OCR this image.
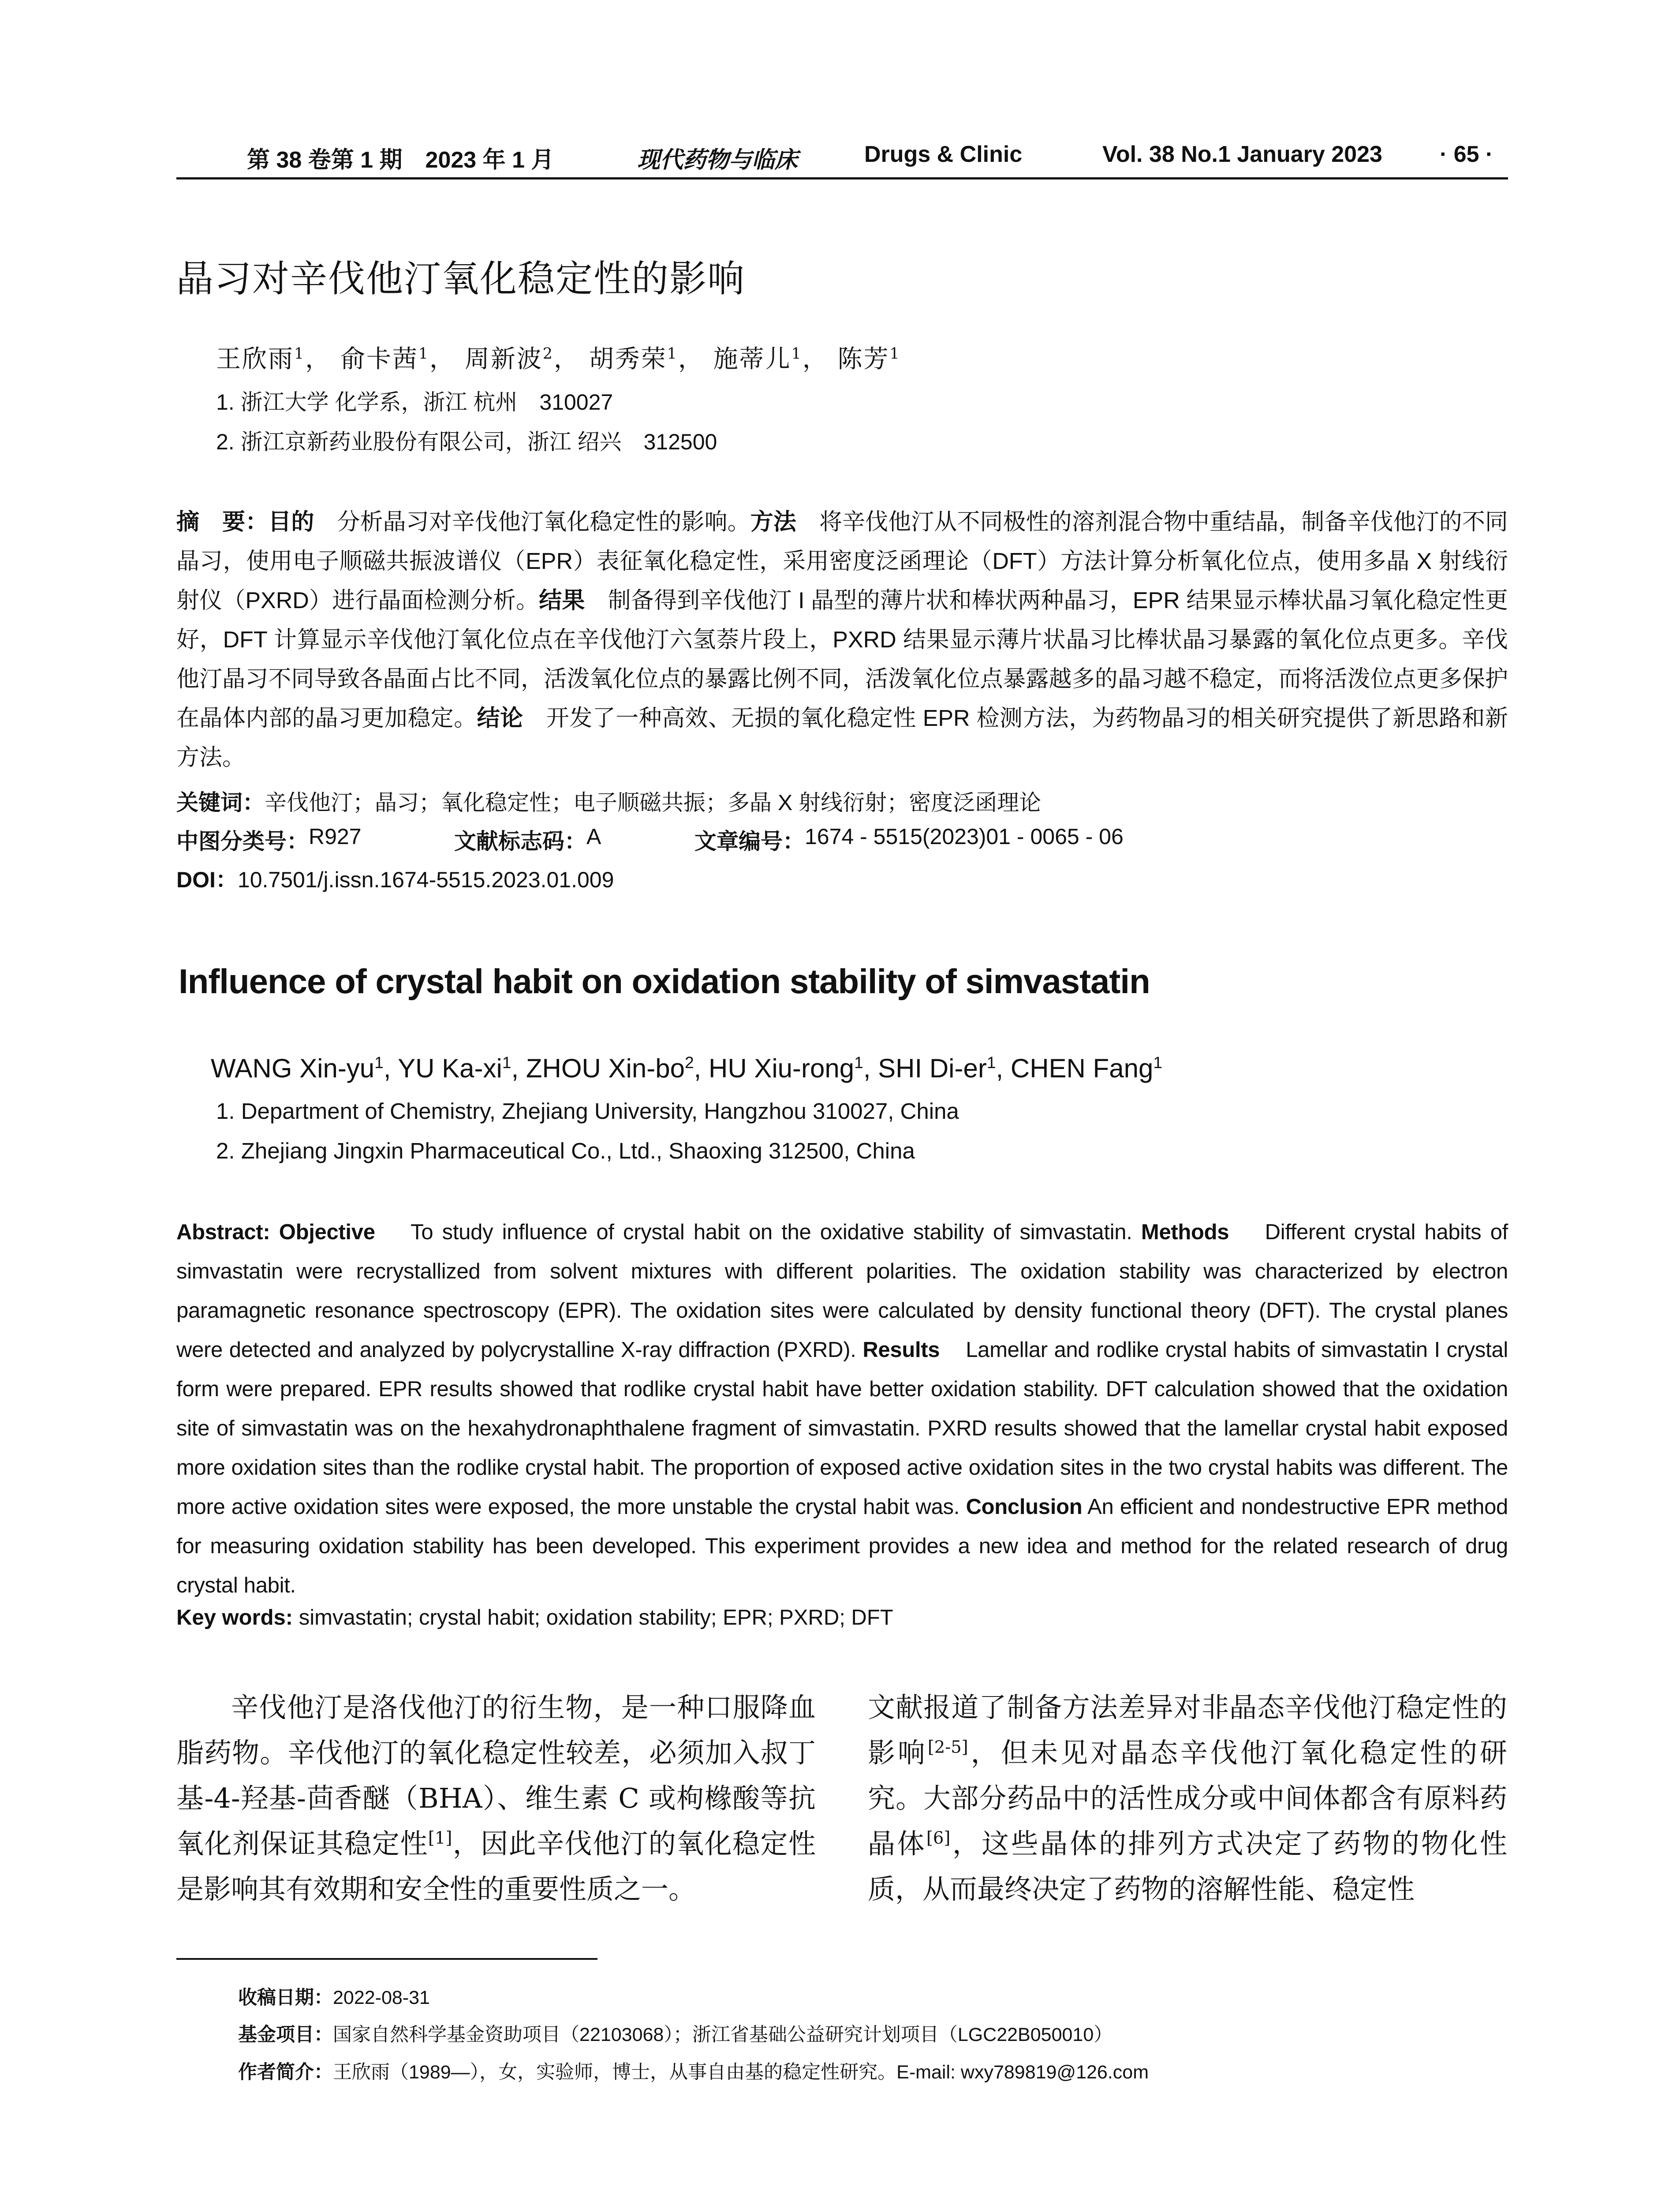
第 38 卷第 1 期　2023 年 1 月	现代药物与临床	Drugs & Clinic	Vol. 38 No.1 January 2023	· 65 ·
晶习对辛伐他汀氧化稳定性的影响
王欣雨$^1$， 俞卡茜$^1$， 周新波$^2$， 胡秀荣$^1$， 施蒂儿$^1$， 陈芳$^1$
1. 浙江大学 化学系，浙江 杭州　310027
2. 浙江京新药业股份有限公司，浙江 绍兴　312500
摘　要：目的　 分析晶习对辛伐他汀氧化稳定性的影响。方法　 将辛伐他汀从不同极性的溶剂混合物中重结晶，制备辛伐他汀的不同晶习，使用电子顺磁共振波谱仪（EPR）表征氧化稳定性，采用密度泛函理论（DFT）方法计算分析氧化位点，使用多晶 X 射线衍射仪（PXRD）进行晶面检测分析。结果　 制备得到辛伐他汀 I 晶型的薄片状和棒状两种晶习，EPR 结果显示棒状晶习氧化稳定性更好，DFT 计算显示辛伐他汀氧化位点在辛伐他汀六氢萘片段上，PXRD 结果显示薄片状晶习比棒状晶习暴露的氧化位点更多。辛伐他汀晶习不同导致各晶面占比不同，活泼氧化位点的暴露比例不同，活泼氧化位点暴露越多的晶习越不稳定，而将活泼位点更多保护在晶体内部的晶习更加稳定。结论　 开发了一种高效、无损的氧化稳定性 EPR 检测方法，为药物晶习的相关研究提供了新思路和新方法。
关键词：辛伐他汀；晶习；氧化稳定性；电子顺磁共振；多晶 X 射线衍射；密度泛函理论
中图分类号： R927	文献标志码： A	文章编号： 1674 - 5515(2023)01 - 0065 - 06
DOI：10.7501/j.issn.1674-5515.2023.01.009
Influence of crystal habit on oxidation stability of simvastatin
WANG Xin-$yu^1$, YU $Ka-xi^1$, ZHOU Xin-$bo^2$, HU Xiu-rong$^1$, SHI $Di-er^1$, CHEN Fang$^1$
1. Department of Chemistry, Zhejiang University, Hangzhou 310027, China
2. Zhejiang Jingxin Pharmaceutical Co., Ltd., Shaoxing 312500, China
Abstract: Objective To study influence of crystal habit on the oxidative stability of simvastatin. Methods Different crystal habits of simvastatin were recrystallized from solvent mixtures with different polarities. The oxidation stability was characterized by electron paramagnetic resonance spectroscopy (EPR). The oxidation sites were calculated by density functional theory (DFT). The crystal planes were detected and analyzed by polycrystalline X-ray diffraction (PXRD). Results Lamellar and rodlike crystal habits of simvastatin I crystal form were prepared. EPR results showed that rodlike crystal habit have better oxidation stability. DFT calculation showed that the oxidation site of simvastatin was on the hexahydronaphthalene fragment of simvastatin. PXRD results showed that the lamellar crystal habit exposed more oxidation sites than the rodlike crystal habit. The proportion of exposed active oxidation sites in the two crystal habits was different. The more active oxidation sites were exposed, the more unstable the crystal habit was. Conclusion An efficient and nondestructive EPR method for measuring oxidation stability has been developed. This experiment provides a new idea and method for the related research of drug crystal habit.
Key words: simvastatin; crystal habit; oxidation stability; EPR; PXRD; DFT
辛伐他汀是洛伐他汀的衍生物，是一种口服降血脂药物。辛伐他汀的氧化稳定性较差，必须加入叔丁基-4-羟基-茴香醚（BHA）、维生素 C 或枸橼酸等抗氧化剂保证其稳定性[1]，因此辛伐他汀的氧化稳定性是影响其有效期和安全性的重要性质之一。
文献报道了制备方法差异对非晶态辛伐他汀稳定性的影响[2-5]，但未见对晶态辛伐他汀氧化稳定性的研究。大部分药品中的活性成分或中间体都含有原料药晶体[6]，这些晶体的排列方式决定了药物的物化性质，从而最终决定了药物的溶解性能、稳定性
收稿日期：2022-08-31
基金项目：国家自然科学基金资助项目（22103068）；浙江省基础公益研究计划项目（LGC22B050010）
作者简介：王欣雨（1989—），女，实验师，博士，从事自由基的稳定性研究。E-mail: wxy789819@126.com
